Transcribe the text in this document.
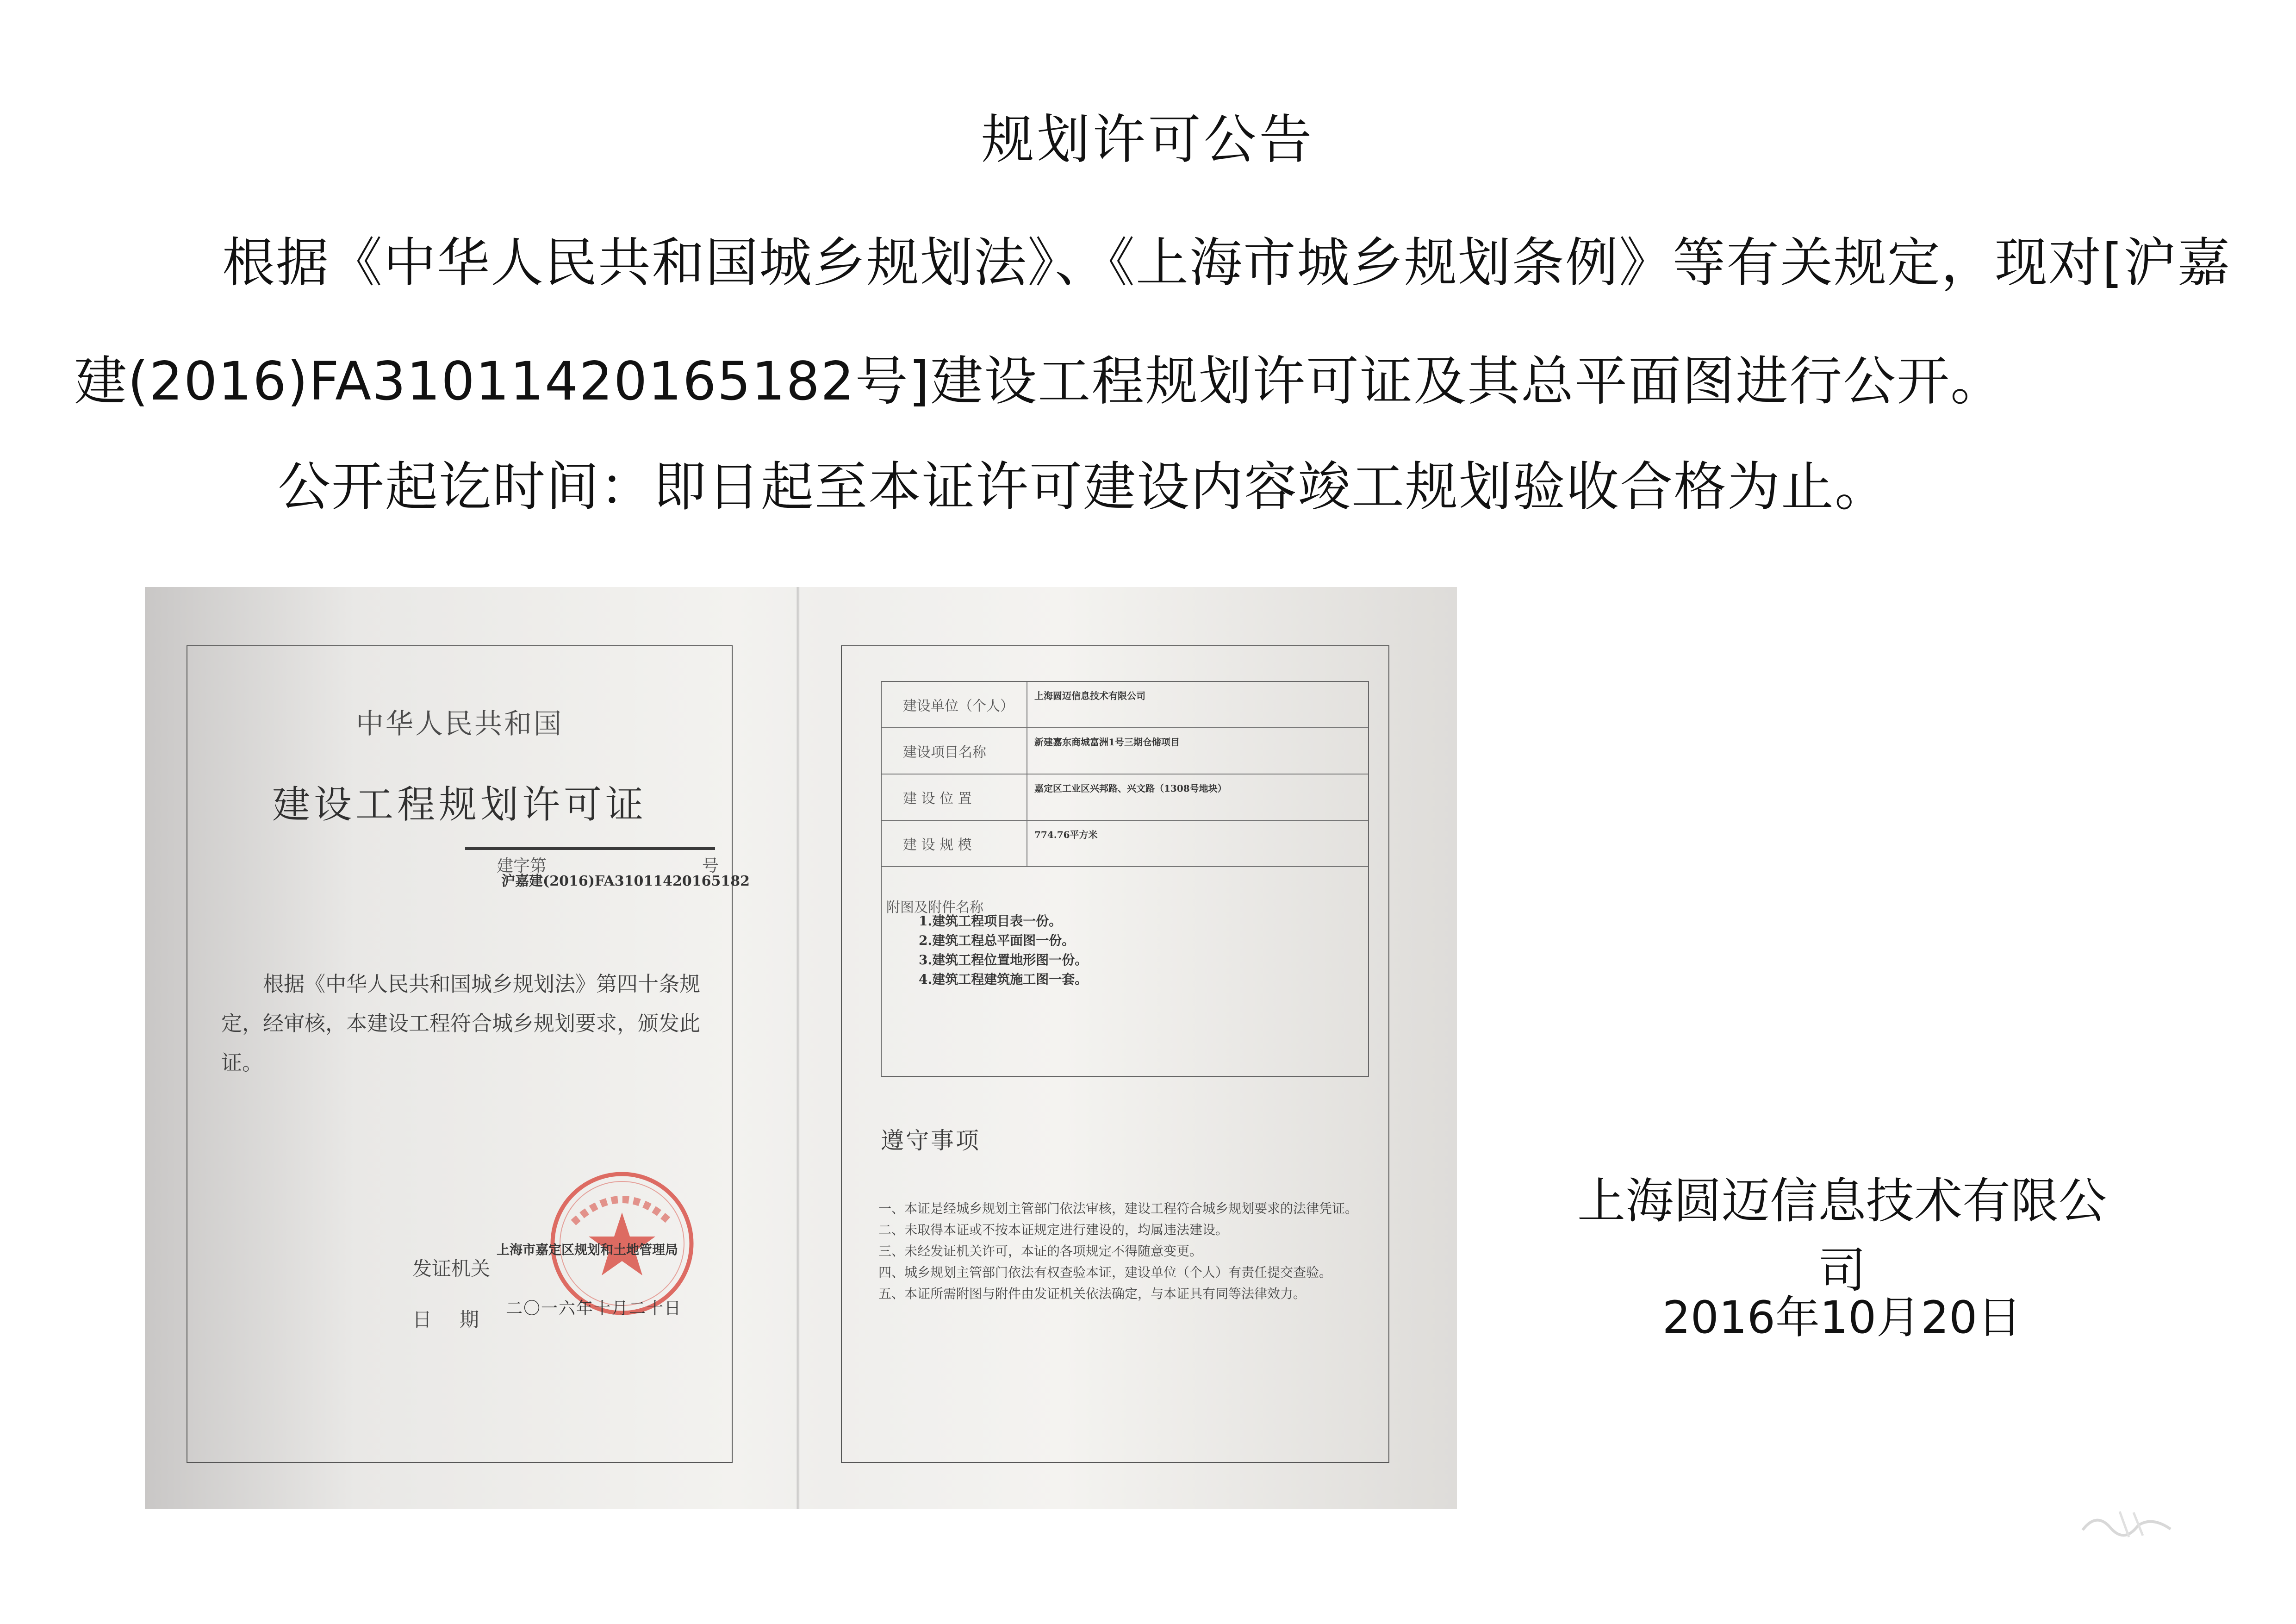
规划许可公告
根据《中华人民共和国城乡规划法》、《上海市城乡规划条例》等有关规定，现对[沪嘉建(2016)FA31011420165182号]建设工程规划许可证及其总平面图进行公开。
公开起讫时间：即日起至本证许可建设内容竣工规划验收合格为止。
中华人民共和国
建设工程规划许可证
建字第	号
沪嘉建(2016)FA31011420165182
根据《中华人民共和国城乡规划法》第四十条规定，经审核，本建设工程符合城乡规划要求，颁发此证。
上海市嘉定区规划和土地管理局
发证机关
二〇一六年十月二十日
日期
建设单位（个人）
上海圆迈信息技术有限公司
建设项目名称
新建嘉东商城富洲1号三期仓储项目
建 设 位 置
嘉定区工业区兴邦路、兴文路（1308号地块）
建 设 规 模
774.76平方米
附图及附件名称
1.建筑工程项目表一份。
2.建筑工程总平面图一份。
3.建筑工程位置地形图一份。
4.建筑工程建筑施工图一套。
遵守事项
一、本证是经城乡规划主管部门依法审核，建设工程符合城乡规划要求的法律凭证。
二、未取得本证或不按本证规定进行建设的，均属违法建设。
三、未经发证机关许可，本证的各项规定不得随意变更。
四、城乡规划主管部门依法有权查验本证，建设单位（个人）有责任提交查验。
五、本证所需附图与附件由发证机关依法确定，与本证具有同等法律效力。
上海圆迈信息技术有限公司
2016年10月20日
